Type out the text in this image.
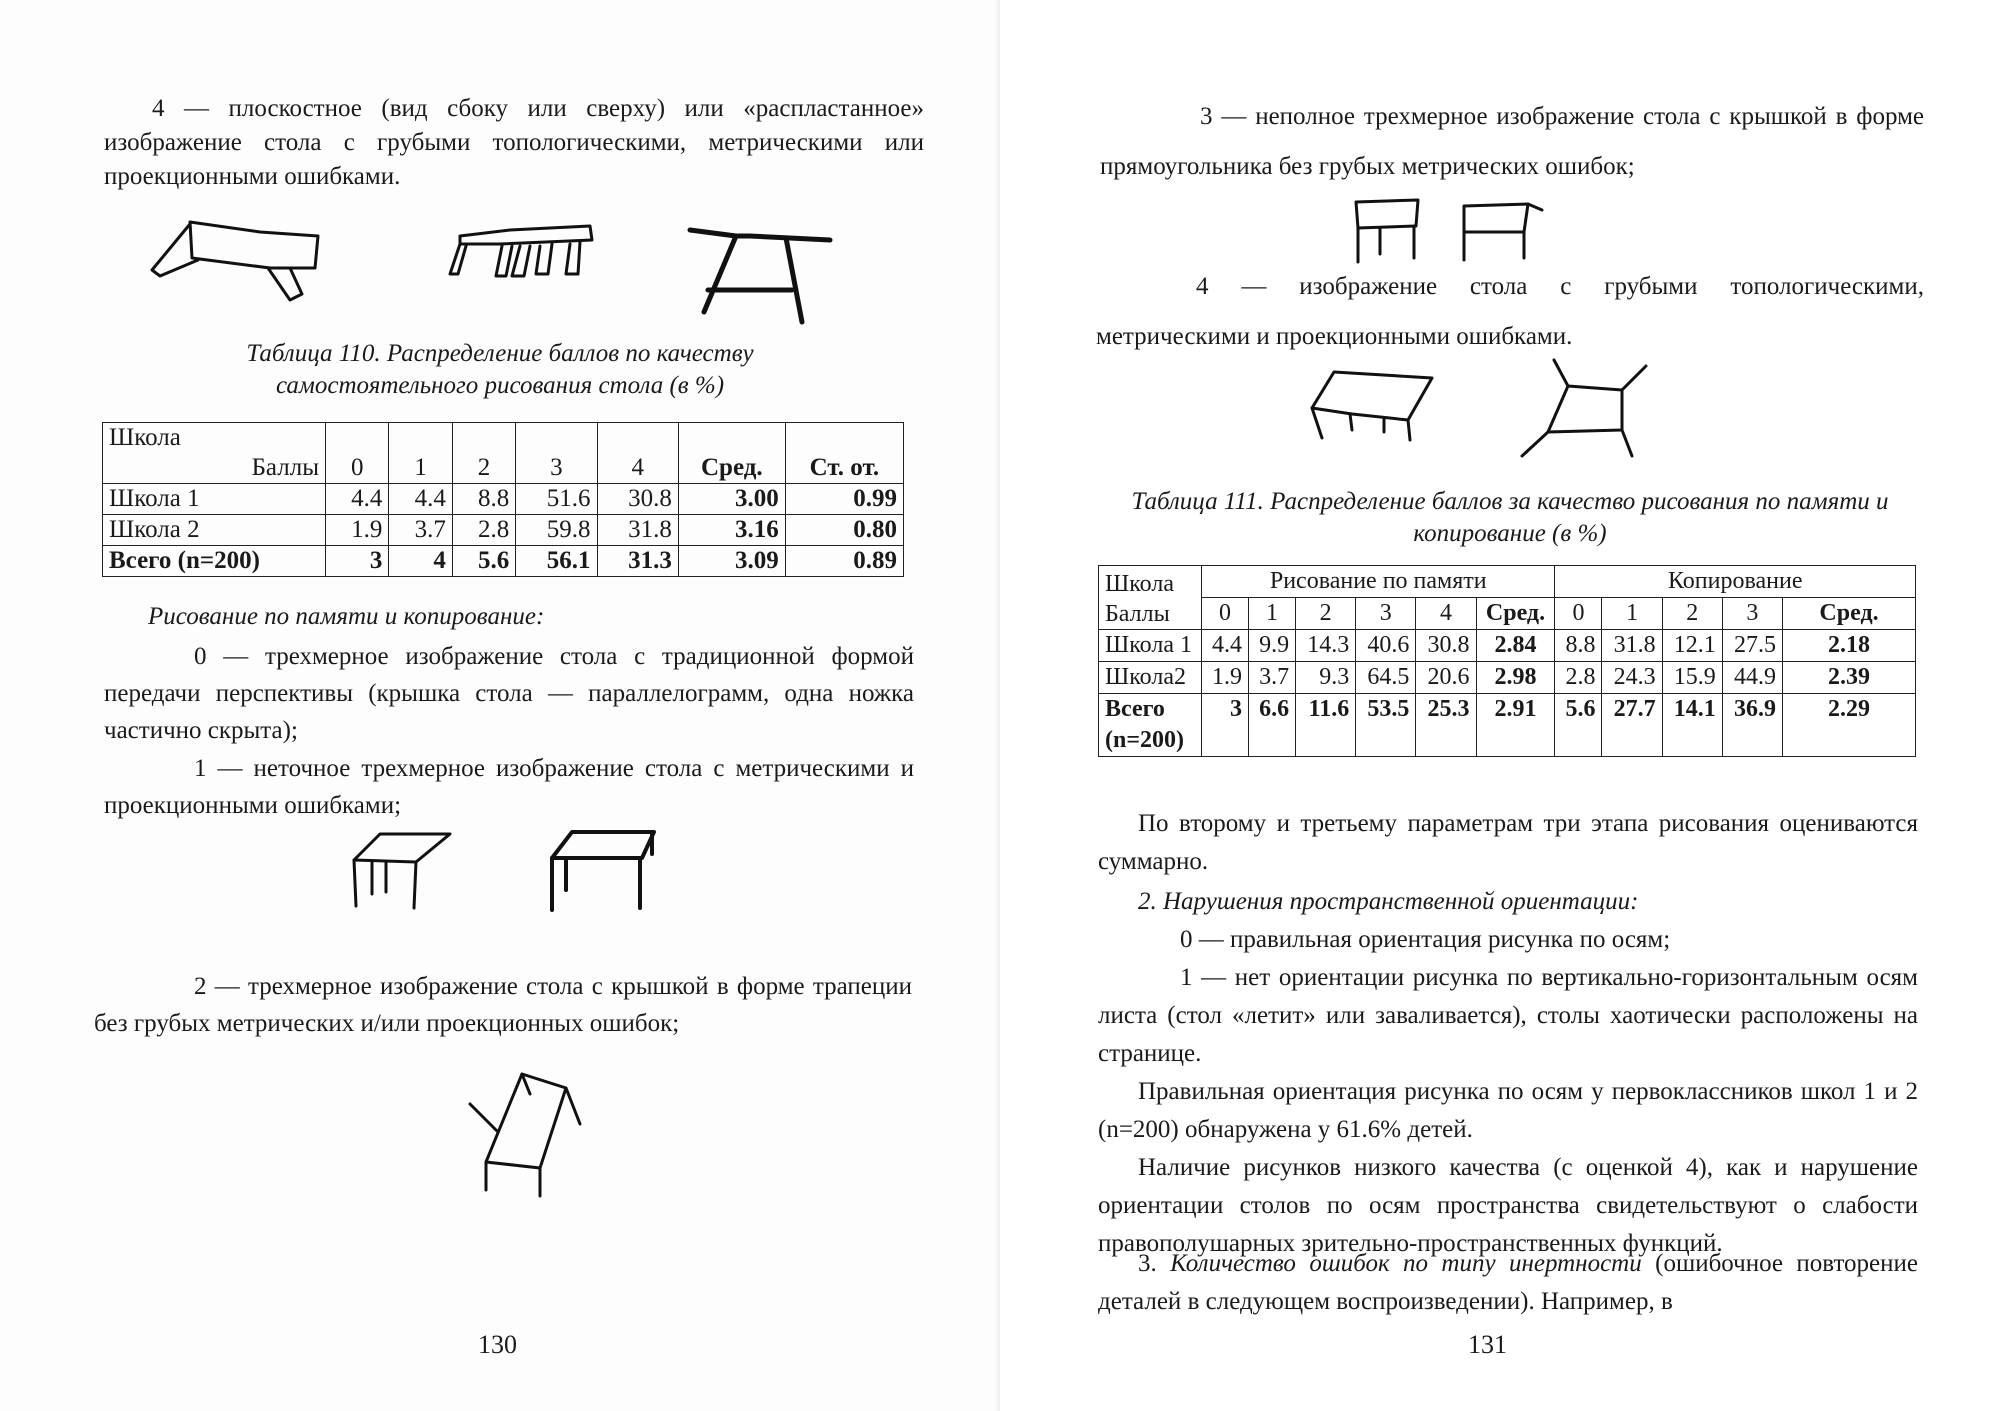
4 — плоскостное (вид сбоку или сверху) или «распластанное» изображение стола с грубыми топологическими, метрическими или проекционными ошибками.

Таблица 110. Распределение баллов по качеству самостоятельного рисования стола (в %)

Школа
Баллы	0	1	2	3	4	Сред.	Ст. от.
Школа 1	4.4	4.4	8.8	51.6	30.8	3.00	0.99
Школа 2	1.9	3.7	2.8	59.8	31.8	3.16	0.80
Всего (n=200)	3	4	5.6	56.1	31.3	3.09	0.89

Рисование по памяти и копирование:

0 — трехмерное изображение стола с традиционной формой передачи перспективы (крышка стола — параллелограмм, одна ножка частично скрыта);

1 — неточное трехмерное изображение стола с метрическими и проекционными ошибками;

2 — трехмерное изображение стола с крышкой в форме трапеции без грубых метрических и/или проекционных ошибок;

130

3 — неполное трехмерное изображение стола с крышкой в форме прямоугольника без грубых метрических ошибок;

4 — изображение стола с грубыми топологическими, метрическими и проекционными ошибками.

Таблица 111. Распределение баллов за качество рисования по памяти и копирование (в %)

Школа
Баллы	Рисование по памяти						Копирование				
	0	1	2	3	4	Сред.	0	1	2	3	Сред.
Школа 1	4.4	9.9	14.3	40.6	30.8	2.84	8.8	31.8	12.1	27.5	2.18
Школа2	1.9	3.7	9.3	64.5	20.6	2.98	2.8	24.3	15.9	44.9	2.39
Всего (n=200)	3	6.6	11.6	53.5	25.3	2.91	5.6	27.7	14.1	36.9	2.29

По второму и третьему параметрам три этапа рисования оцениваются суммарно.

2. Нарушения пространственной ориентации:

0 — правильная ориентация рисунка по осям;

1 — нет ориентации рисунка по вертикально-горизонтальным осям листа (стол «летит» или заваливается), столы хаотически расположены на странице.

Правильная ориентация рисунка по осям у первоклассников школ 1 и 2 (n=200) обнаружена у 61.6% детей.

Наличие рисунков низкого качества (с оценкой 4), как и нарушение ориентации столов по осям пространства свидетельствуют о слабости правополушарных зрительно-пространственных функций.

3. Количество ошибок по типу инертности (ошибочное повторение деталей в следующем воспроизведении). Например, в

131
